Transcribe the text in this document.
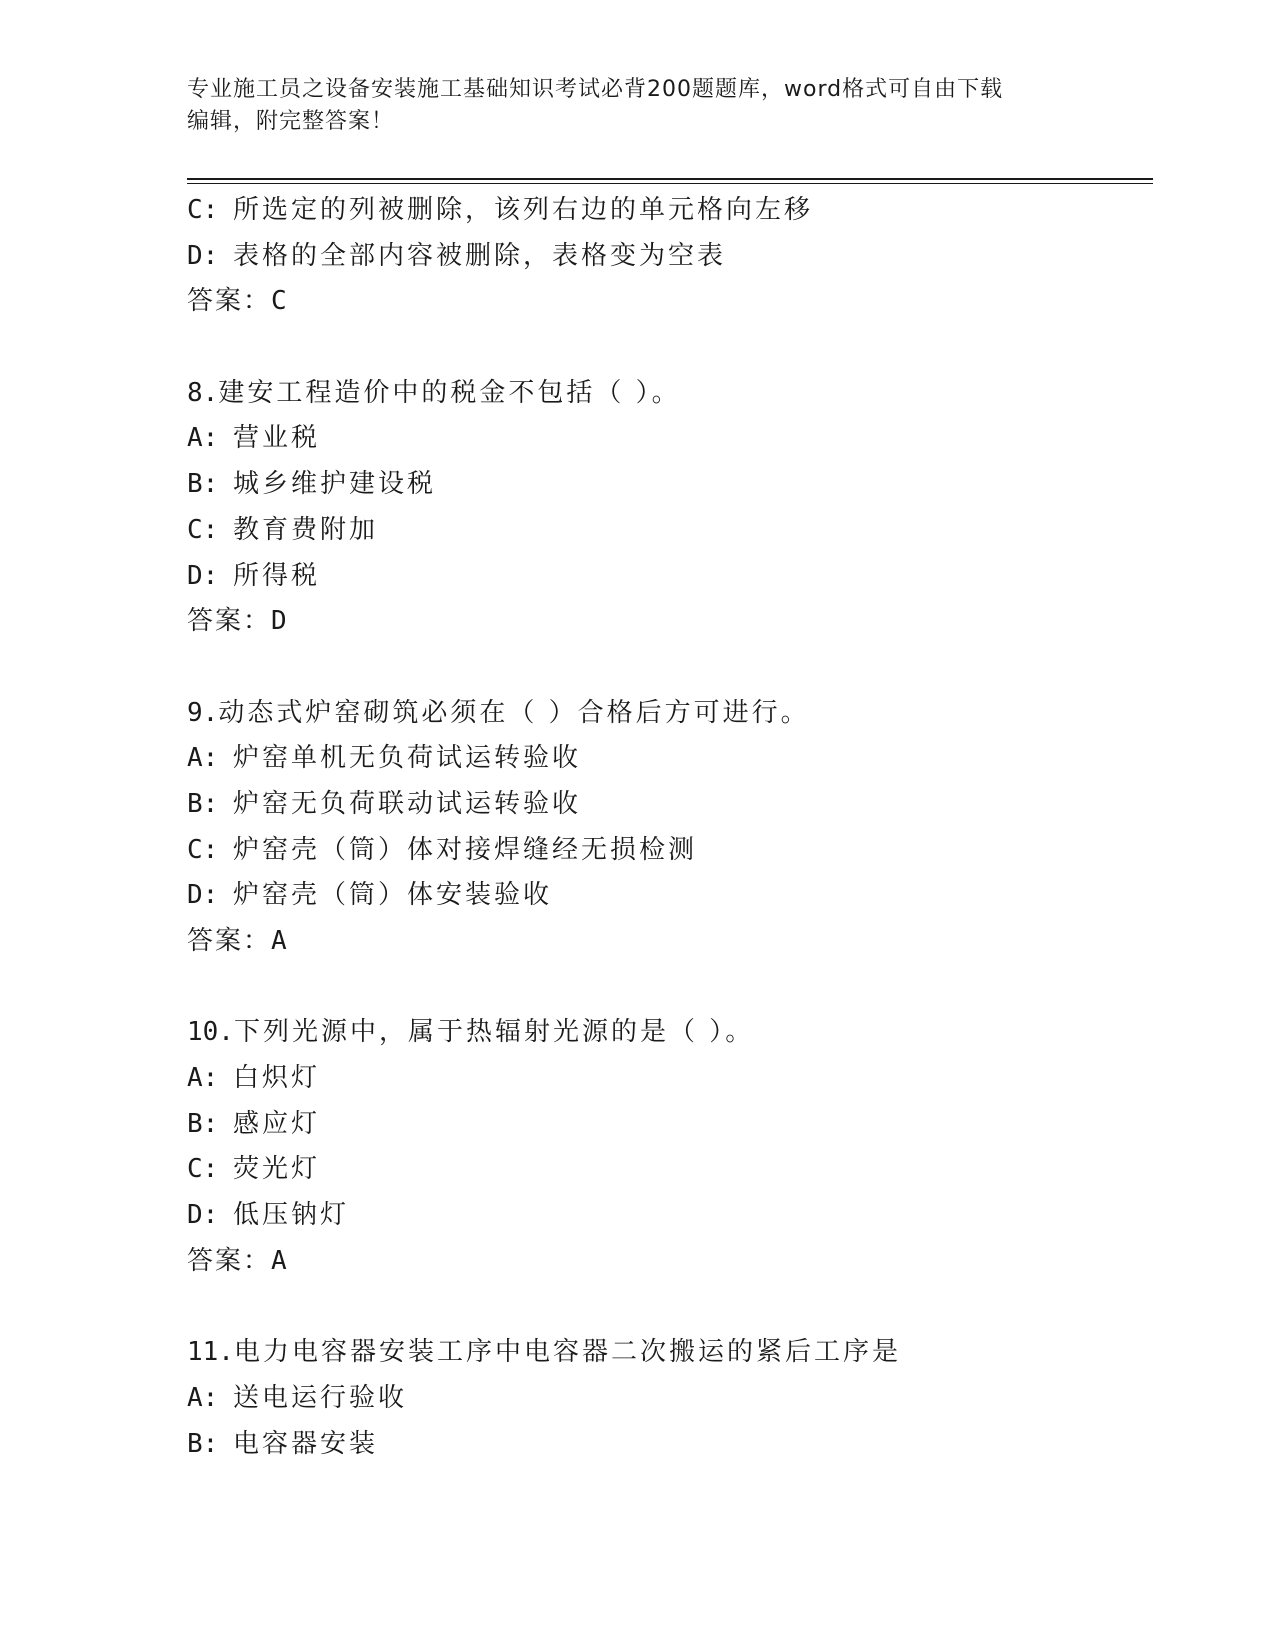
专业施工员之设备安装施工基础知识考试必背200题题库，word格式可自由下载
编辑，附完整答案！
C: 所选定的列被删除，该列右边的单元格向左移
D: 表格的全部内容被删除，表格变为空表
答案：C
8.建安工程造价中的税金不包括（ ）。
A: 营业税
B: 城乡维护建设税
C: 教育费附加
D: 所得税
答案：D
9.动态式炉窑砌筑必须在（ ）合格后方可进行。
A: 炉窑单机无负荷试运转验收
B: 炉窑无负荷联动试运转验收
C: 炉窑壳（筒）体对接焊缝经无损检测
D: 炉窑壳（筒）体安装验收
答案：A
10.下列光源中，属于热辐射光源的是（ ）。
A: 白炽灯
B: 感应灯
C: 荧光灯
D: 低压钠灯
答案：A
11.电力电容器安装工序中电容器二次搬运的紧后工序是
A: 送电运行验收
B: 电容器安装
